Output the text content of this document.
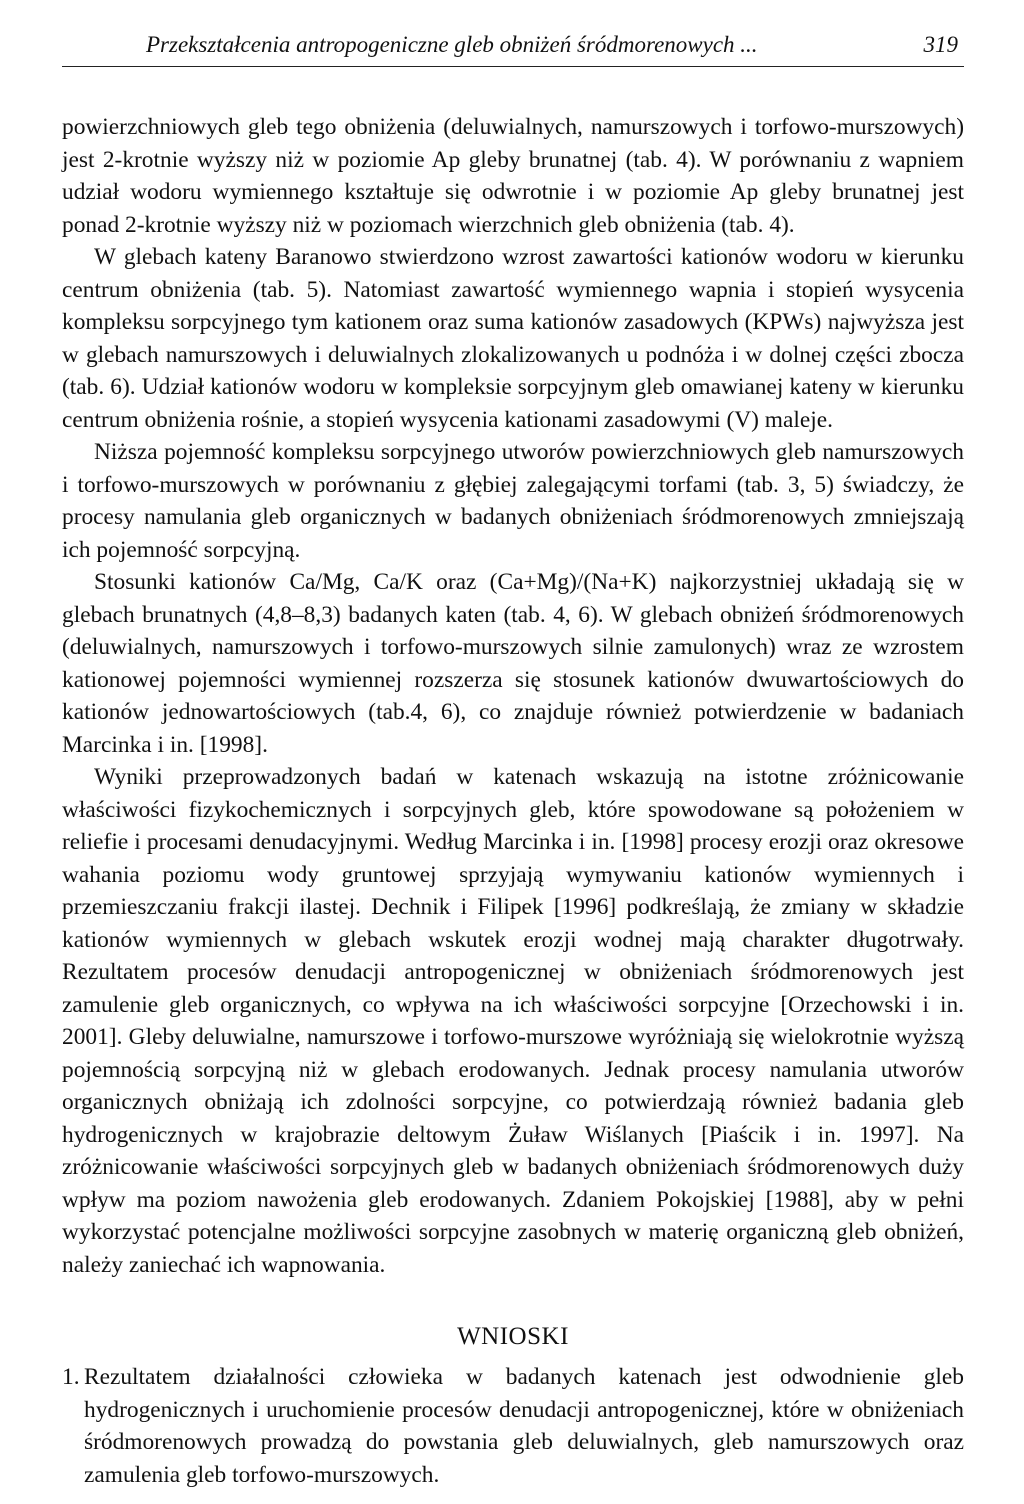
Przekształcenia antropogeniczne gleb obniżeń śródmorenowych ...	319

powierzchniowych gleb tego obniżenia (deluwialnych, namurszowych i torfowo-murszowych) jest 2-krotnie wyższy niż w poziomie Ap gleby brunatnej (tab. 4). W porównaniu z wapniem udział wodoru wymiennego kształtuje się odwrotnie i w poziomie Ap gleby brunatnej jest ponad 2-krotnie wyższy niż w poziomach wierzchnich gleb obniżenia (tab. 4).

W glebach kateny Baranowo stwierdzono wzrost zawartości kationów wodoru w kierunku centrum obniżenia (tab. 5). Natomiast zawartość wymiennego wapnia i stopień wysycenia kompleksu sorpcyjnego tym kationem oraz suma kationów zasadowych (KPWs) najwyższa jest w glebach namurszowych i deluwialnych zlokalizowanych u podnóża i w dolnej części zbocza (tab. 6). Udział kationów wodoru w kompleksie sorpcyjnym gleb omawianej kateny w kierunku centrum obniżenia rośnie, a stopień wysycenia kationami zasadowymi (V) maleje.

Niższa pojemność kompleksu sorpcyjnego utworów powierzchniowych gleb namurszowych i torfowo-murszowych w porównaniu z głębiej zalegającymi torfami (tab. 3, 5) świadczy, że procesy namulania gleb organicznych w badanych obniżeniach śródmorenowych zmniejszają ich pojemność sorpcyjną.

Stosunki kationów Ca/Mg, Ca/K oraz (Ca+Mg)/(Na+K) najkorzystniej układają się w glebach brunatnych (4,8–8,3) badanych katen (tab. 4, 6). W glebach obniżeń śródmorenowych (deluwialnych, namurszowych i torfowo-murszowych silnie zamulonych) wraz ze wzrostem kationowej pojemności wymiennej rozszerza się stosunek kationów dwuwartościowych do kationów jednowartościowych (tab.4, 6), co znajduje również potwierdzenie w badaniach Marcinka i in. [1998].

Wyniki przeprowadzonych badań w katenach wskazują na istotne zróżnicowanie właściwości fizykochemicznych i sorpcyjnych gleb, które spowodowane są położeniem w reliefie i procesami denudacyjnymi. Według Marcinka i in. [1998] procesy erozji oraz okresowe wahania poziomu wody gruntowej sprzyjają wymywaniu kationów wymiennych i przemieszczaniu frakcji ilastej. Dechnik i Filipek [1996] podkreślają, że zmiany w składzie kationów wymiennych w glebach wskutek erozji wodnej mają charakter długotrwały. Rezultatem procesów denudacji antropogenicznej w obniżeniach śródmorenowych jest zamulenie gleb organicznych, co wpływa na ich właściwości sorpcyjne [Orzechowski i in. 2001]. Gleby deluwialne, namurszowe i torfowo-murszowe wyróżniają się wielokrotnie wyższą pojemnością sorpcyjną niż w glebach erodowanych. Jednak procesy namulania utworów organicznych obniżają ich zdolności sorpcyjne, co potwierdzają również badania gleb hydrogenicznych w krajobrazie deltowym Żuław Wiślanych [Piaścik i in. 1997]. Na zróżnicowanie właściwości sorpcyjnych gleb w badanych obniżeniach śródmorenowych duży wpływ ma poziom nawożenia gleb erodowanych. Zdaniem Pokojskiej [1988], aby w pełni wykorzystać potencjalne możliwości sorpcyjne zasobnych w materię organiczną gleb obniżeń, należy zaniechać ich wapnowania.

WNIOSKI
1. Rezultatem działalności człowieka w badanych katenach jest odwodnienie gleb hydrogenicznych i uruchomienie procesów denudacji antropogenicznej, które w obniżeniach śródmorenowych prowadzą do powstania gleb deluwialnych, gleb namurszowych oraz zamulenia gleb torfowo-murszowych.
